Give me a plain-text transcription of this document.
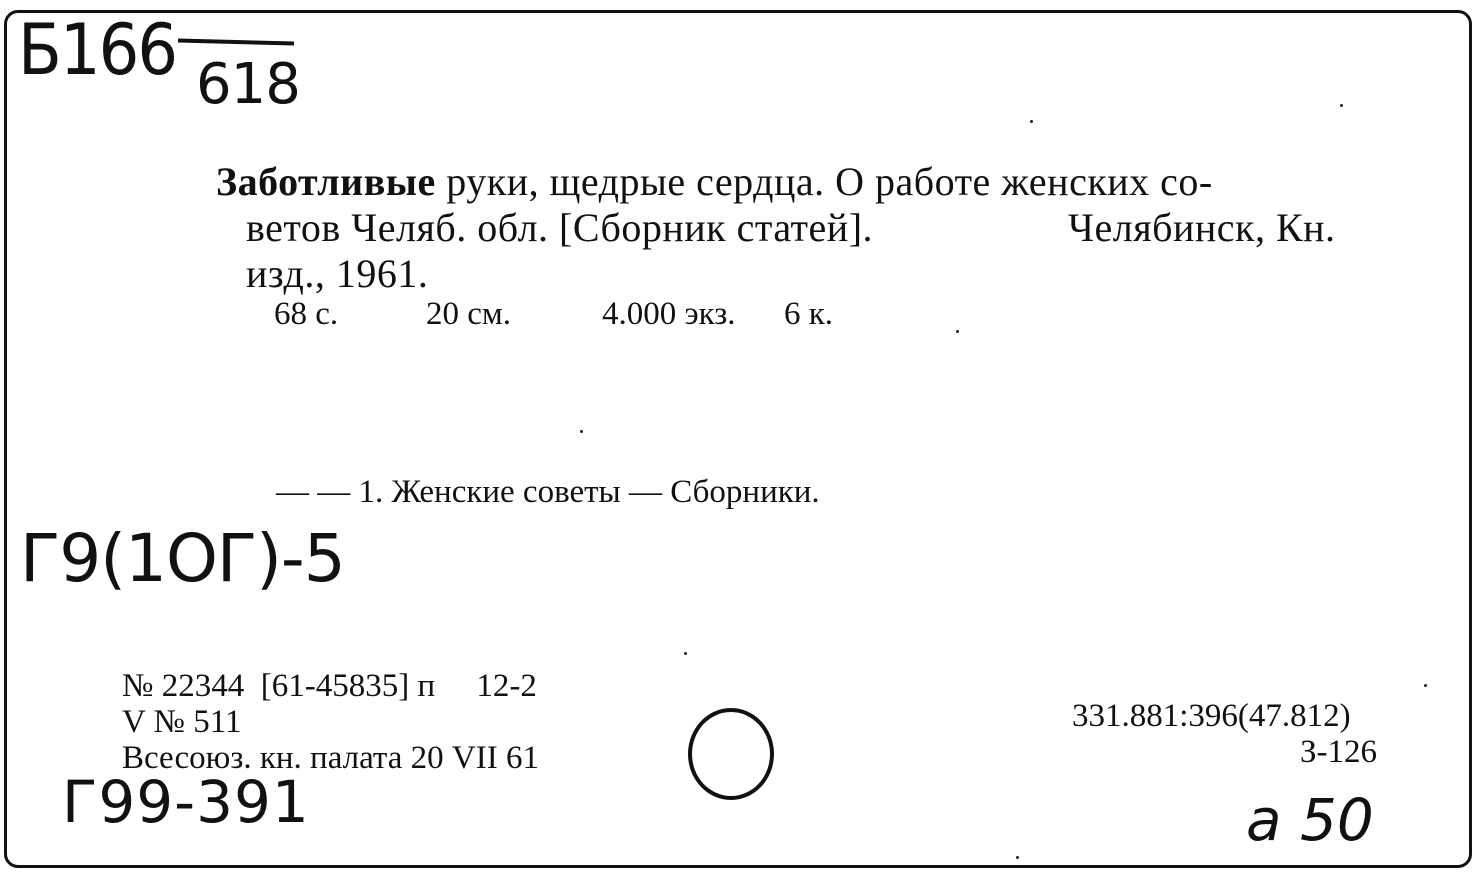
Б166 618
Заботливые руки, щедрые сердца. О работе женских со-
ветов Челяб. обл. [Сборник статей].	Челябинск, Кн.
изд., 1961.
68 с.	20 см.	4.000 экз. 6 к.
— — 1. Женские советы — Сборники.
Г9(1ОГ)-5
№ 22344  [61-45835] п     12-2
V № 511
Всесоюз. кн. палата 20 VII 61
331.881:396(47.812)
З-126
Г99-391	а 50
